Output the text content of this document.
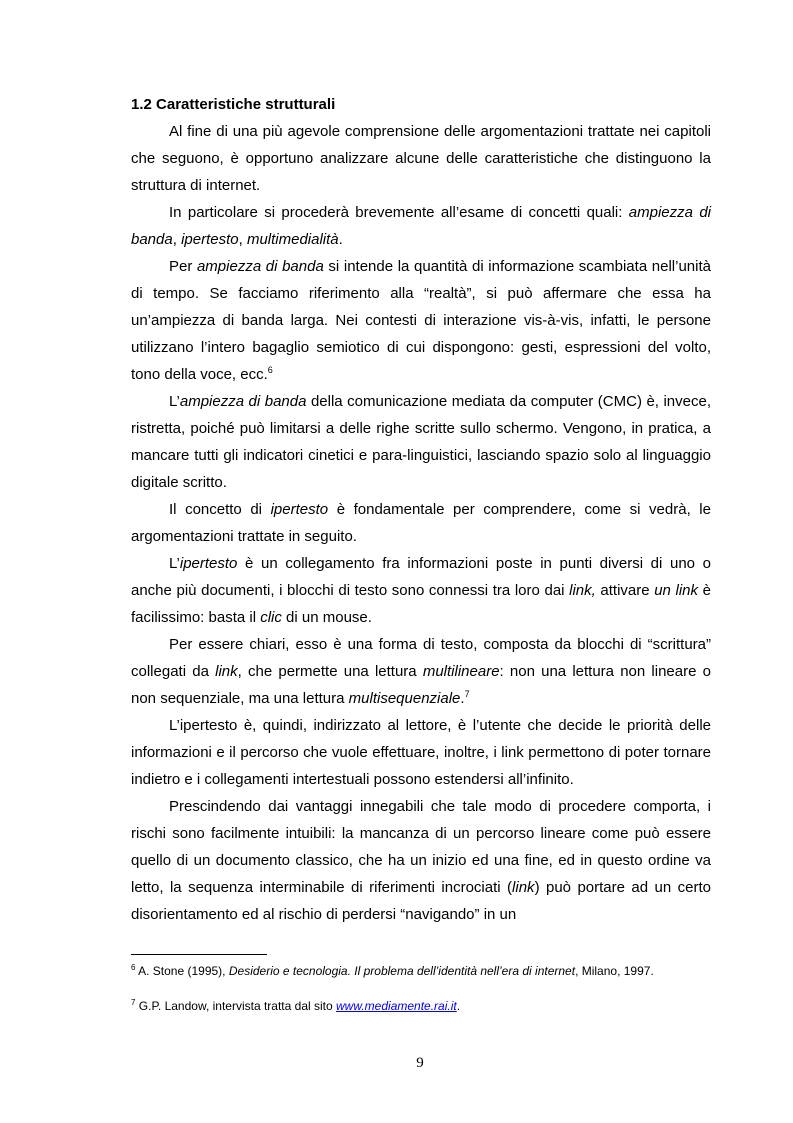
1.2 Caratteristiche strutturali

Al fine di una più agevole comprensione delle argomentazioni trattate nei capitoli che seguono, è opportuno analizzare alcune delle caratteristiche che distinguono la struttura di internet.

In particolare si procederà brevemente all’esame di concetti quali: ampiezza di banda, ipertesto, multimedialità.

Per ampiezza di banda si intende la quantità di informazione scambiata nell’unità di tempo. Se facciamo riferimento alla “realtà”, si può affermare che essa ha un’ampiezza di banda larga. Nei contesti di interazione vis-à-vis, infatti, le persone utilizzano l’intero bagaglio semiotico di cui dispongono: gesti, espressioni del volto, tono della voce, ecc.$^6$

L’ampiezza di banda della comunicazione mediata da computer (CMC) è, invece, ristretta, poiché può limitarsi a delle righe scritte sullo schermo. Vengono, in pratica, a mancare tutti gli indicatori cinetici e para-linguistici, lasciando spazio solo al linguaggio digitale scritto.

Il concetto di ipertesto è fondamentale per comprendere, come si vedrà, le argomentazioni trattate in seguito.

L’ipertesto è un collegamento fra informazioni poste in punti diversi di uno o anche più documenti, i blocchi di testo sono connessi tra loro dai link, attivare un link è facilissimo: basta il clic di un mouse.

Per essere chiari, esso è una forma di testo, composta da blocchi di “scrittura” collegati da link, che permette una lettura multilineare: non una lettura non lineare o non sequenziale, ma una lettura multisequenziale.$^7$

L’ipertesto è, quindi, indirizzato al lettore, è l’utente che decide le priorità delle informazioni e il percorso che vuole effettuare, inoltre, i link permettono di poter tornare indietro e i collegamenti intertestuali possono estendersi all’infinito.

Prescindendo dai vantaggi innegabili che tale modo di procedere comporta, i rischi sono facilmente intuibili: la mancanza di un percorso lineare come può essere quello di un documento classico, che ha un inizio ed una fine, ed in questo ordine va letto, la sequenza interminabile di riferimenti incrociati (link) può portare ad un certo disorientamento ed al rischio di perdersi “navigando” in un

$^6$ A. Stone (1995), Desiderio e tecnologia. Il problema dell’identità nell’era di internet, Milano, 1997.

$^7$ G.P. Landow, intervista tratta dal sito www.mediamente.rai.it.

9
